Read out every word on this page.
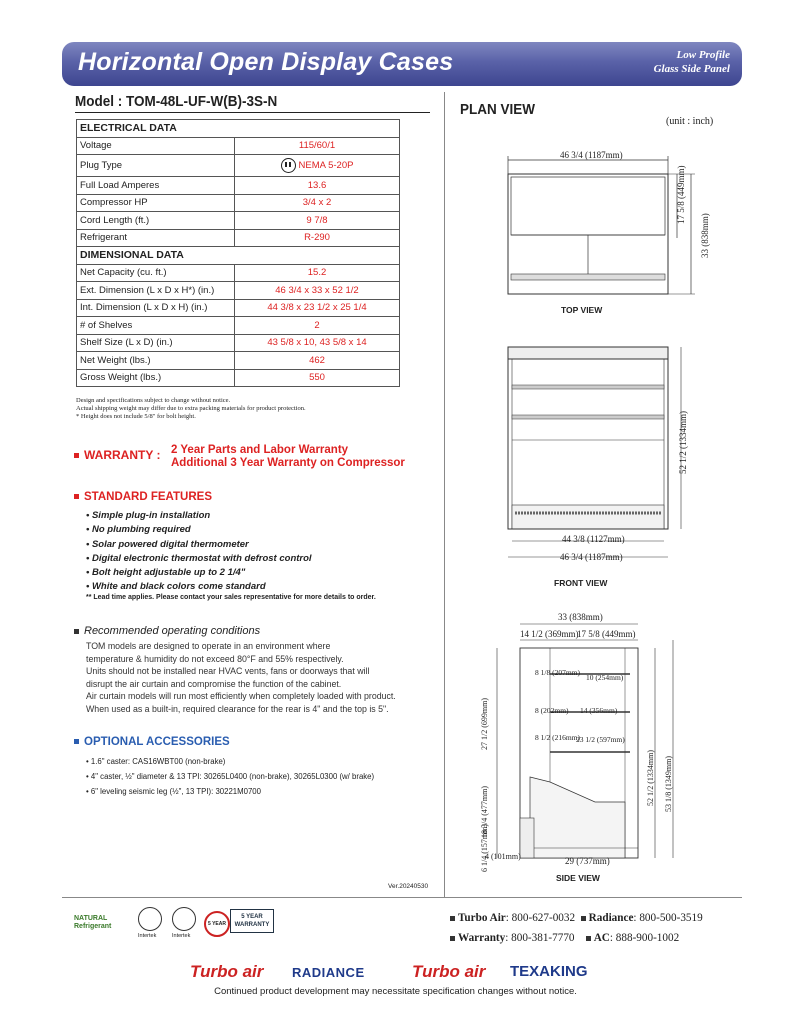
Horizontal Open Display Cases	Low Profile
Glass Side Panel
Model : TOM-48L-UF-W(B)-3S-N
ELECTRICAL DATA	
Voltage	115/60/1
Plug Type	NEMA 5-20P
Full Load Amperes	13.6
Compressor HP	3/4 x 2
Cord Length (ft.)	9 7/8
Refrigerant	R-290
DIMENSIONAL DATA	
Net Capacity (cu. ft.)	15.2
Ext. Dimension (L x D x H*) (in.)	46 3/4 x 33 x 52 1/2
Int. Dimension (L x D x H) (in.)	44 3/8 x 23 1/2 x 25 1/4
# of Shelves	2
Shelf Size (L x D) (in.)	43 5/8 x 10, 43 5/8 x 14
Net Weight (lbs.)	462
Gross Weight (lbs.)	550
Design and specifications subject to change without notice.
Actual shipping weight may differ due to extra packing materials for product protection.
* Height does not include 5/8" for bolt height.
WARRANTY : 2 Year Parts and Labor Warranty
Additional 3 Year Warranty on Compressor
STANDARD FEATURES
• Simple plug-in installation
• No plumbing required
• Solar powered digital thermometer
• Digital electronic thermostat with defrost control
• Bolt height adjustable up to 2 1/4"
• White and black colors come standard
** Lead time applies. Please contact your sales representative for more details to order.
Recommended operating conditions
TOM models are designed to operate in an environment where
temperature & humidity do not exceed 80°F and 55% respectively.
Units should not be installed near HVAC vents, fans or doorways that will
disrupt the air curtain and compromise the function of the cabinet.
Air curtain models will run most efficiently when completely loaded with product.
When used as a built-in, required clearance for the rear is 4" and the top is 5".
OPTIONAL ACCESSORIES
• 1.6" caster: CAS16WBT00 (non-brake)
• 4" caster, ½" diameter & 13 TPI: 30265L0400 (non-brake), 30265L0300 (w/ brake)
• 6" leveling seismic leg (½", 13 TPI): 30221M0700
Ver.20240530
PLAN VIEW
(unit : inch)
46 3/4 (1187mm)
17 5/8 (449mm)
33 (838mm)
TOP VIEW
52 1/2 (1334mm)
44 3/8 (1127mm)
46 3/4 (1187mm)
FRONT VIEW
33 (838mm)
14 1/2 (369mm)
17 5/8 (449mm)
8 1/8 (207mm)
10 (254mm)
8 (202mm) 14 (356mm)
8 1/2 (216mm)
23 1/2 (597mm)
27 1/2 (699mm)
18 3/4 (477mm)
6 1/4 (157mm)
4 (101mm)	29 (737mm)
52 1/2 (1334mm) 53 1/8 (1349mm)
SIDE VIEW
NATURAL Refrigerant
Intertek	Intertek
5 YEAR
5 YEAR WARRANTY
Turbo Air: 800-627-0032 Radiance: 800-500-3519
Warranty: 800-381-7770 AC: 888-900-1002
Turbo air RADIANCE	Turbo air TEXAKING
Continued product development may necessitate specification changes without notice.
